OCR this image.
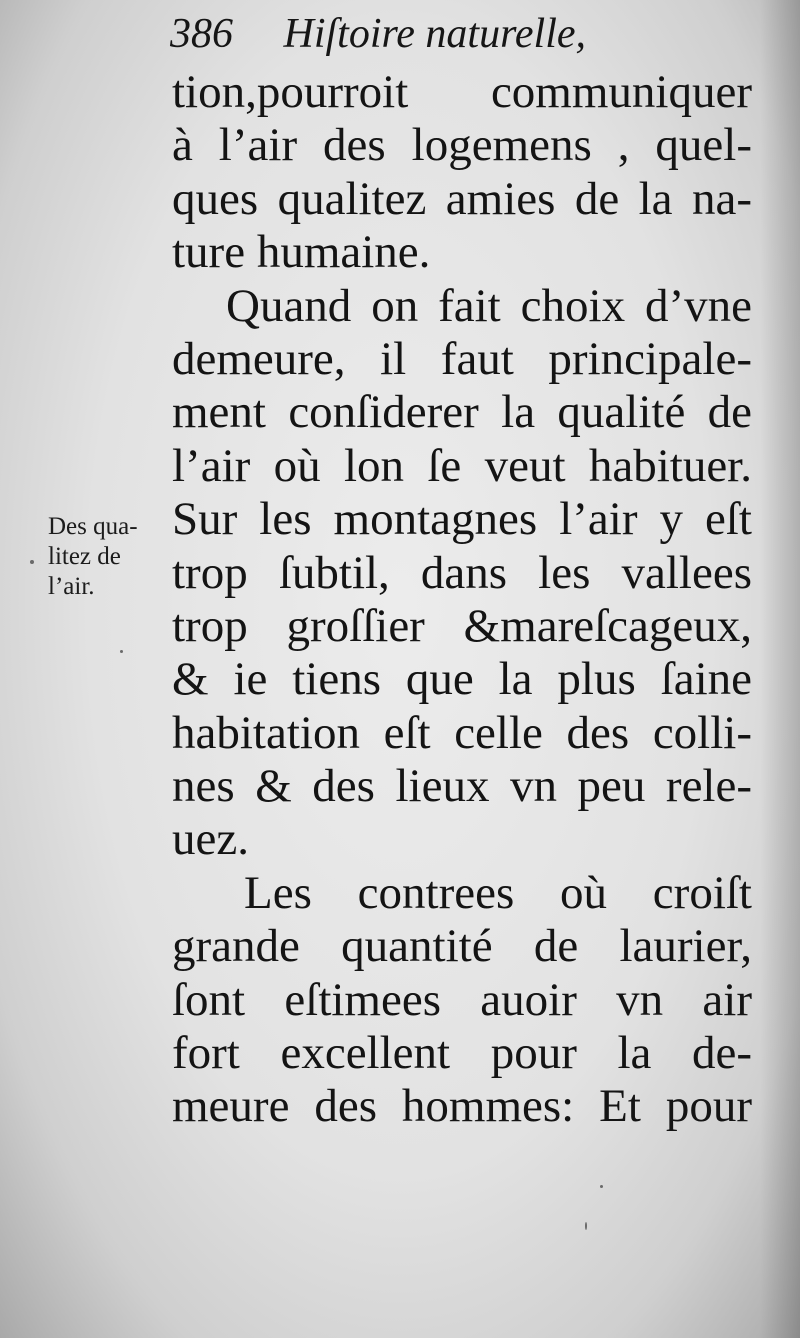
386 Hiſtoire naturelle,
tion,pourroit communiquer
à l’air des logemens , quel-
ques qualitez amies de la na-
ture humaine.
Quand on fait choix d’vne
demeure, il faut principale-
ment conſiderer la qualité de
l’air où lon ſe veut habituer.
Sur les montagnes l’air y eſt
trop ſubtil, dans les vallees
trop groſſier &mareſcageux,
& ie tiens que la plus ſaine
habitation eſt celle des colli-
nes & des lieux vn peu rele-
uez.
Les contrees où croiſt
grande quantité de laurier,
ſont eſtimees auoir vn air
fort excellent pour la de-
meure des hommes: Et pour
Des qua-
litez de
l’air.
